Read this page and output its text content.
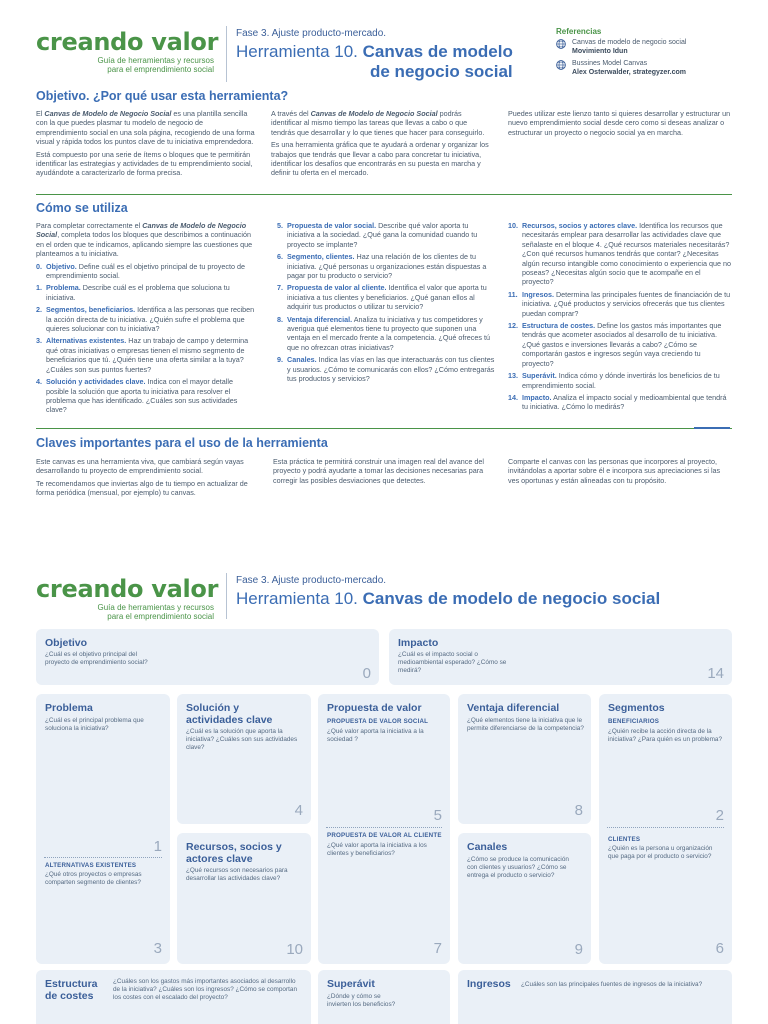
creando valor
Guía de herramientas y recursos
para el emprendimiento social
Fase 3. Ajuste producto-mercado.
Herramienta 10. Canvas de modelo
de negocio social
Referencias
Canvas de modelo de negocio social
Movimiento Idun
Bussines Model Canvas
Alex Osterwalder, strategyzer.com
Objetivo. ¿Por qué usar esta herramienta?

El Canvas de Modelo de Negocio Social es una plantilla sencilla con la que puedes plasmar tu modelo de negocio de emprendimiento social en una sola página, recogiendo de una forma visual y rápida todos los puntos clave de tu iniciativa emprendedora.

Está compuesto por una serie de ítems o bloques que te permitirán identificar las estrategias y actividades de tu emprendimiento social, ayudándote a caracterizarlo de forma precisa.

A través del Canvas de Modelo de Negocio Social podrás identificar al mismo tiempo las tareas que llevas a cabo o que tendrás que desarrollar y lo que tienes que hacer para conseguirlo.

Es una herramienta gráfica que te ayudará a ordenar y organizar los trabajos que tendrás que llevar a cabo para concretar tu iniciativa, identificar los desafíos que encontrarás en su puesta en marcha y definir tu oferta en el mercado.

Puedes utilizar este lienzo tanto si quieres desarrollar y estructurar un nuevo emprendimiento social desde cero como si deseas analizar o estructurar un proyecto o negocio social ya en marcha.

Cómo se utiliza

Para completar correctamente el Canvas de Modelo de Negocio Social, completa todos los bloques que describimos a continuación en el orden que te indicamos, aplicando siempre las cuestiones que planteamos a tu iniciativa.

0. Objetivo. Define cuál es el objetivo principal de tu proyecto de emprendimiento social.
1. Problema. Describe cuál es el problema que soluciona tu iniciativa.
2. Segmentos, beneficiarios. Identifica a las personas que reciben la acción directa de tu iniciativa. ¿Quién sufre el problema que quieres solucionar con tu iniciativa?
3. Alternativas existentes. Haz un trabajo de campo y determina qué otras iniciativas o empresas tienen el mismo segmento de beneficiarios que tú. ¿Quién tiene una oferta similar a la tuya? ¿Cuáles son sus puntos fuertes?
4. Solución y actividades clave. Indica con el mayor detalle posible la solución que aporta tu iniciativa para resolver el problema que has identificado. ¿Cuáles son sus actividades clave?
5. Propuesta de valor social. Describe qué valor aporta tu iniciativa a la sociedad. ¿Qué gana la comunidad cuando tu proyecto se implante?
6. Segmento, clientes. Haz una relación de los clientes de tu iniciativa. ¿Qué personas u organizaciones están dispuestas a pagar por tu producto o servicio?
7. Propuesta de valor al cliente. Identifica el valor que aporta tu iniciativa a tus clientes y beneficiarios. ¿Qué ganan ellos al adquirir tus productos o utilizar tu servicio?
8. Ventaja diferencial. Analiza tu iniciativa y tus competidores y averigua qué elementos tiene tu proyecto que suponen una ventaja en el mercado frente a la competencia. ¿Qué ofreces tú que no ofrezcan otras iniciativas?
9. Canales. Indica las vías en las que interactuarás con tus clientes y usuarios. ¿Cómo te comunicarás con ellos? ¿Cómo entregarás tus productos y servicios?
10. Recursos, socios y actores clave. Identifica los recursos que necesitarás emplear para desarrollar las actividades clave que señalaste en el bloque 4. ¿Qué recursos materiales necesitarás? ¿Con qué recursos humanos tendrás que contar? ¿Necesitas algún recurso intangible como conocimiento o experiencia que no poseas? ¿Necesitas algún socio que te acompañe en el proyecto?
11. Ingresos. Determina las principales fuentes de financiación de tu iniciativa. ¿Qué productos y servicios ofrecerás que tus clientes puedan comprar?
12. Estructura de costes. Define los gastos más importantes que tendrás que acometer asociados al desarrollo de tu iniciativa. ¿Qué gastos e inversiones llevarás a cabo? ¿Cómo se comportarán gastos e ingresos según vaya creciendo tu proyecto?
13. Superávit. Indica cómo y dónde invertirás los beneficios de tu emprendimiento social.
14. Impacto. Analiza el impacto social y medioambiental que tendrá tu iniciativa. ¿Cómo lo medirás?
Claves importantes para el uso de la herramienta

Este canvas es una herramienta viva, que cambiará según vayas desarrollando tu proyecto de emprendimiento social.

Te recomendamos que inviertas algo de tu tiempo en actualizar de forma periódica (mensual, por ejemplo) tu canvas.

Esta práctica te permitirá construir una imagen real del avance del proyecto y podrá ayudarte a tomar las decisiones necesarias para corregir las posibles desviaciones que detectes.

Comparte el canvas con las personas que incorpores al proyecto, invitándolas a aportar sobre él e incorpora sus apreciaciones si las ves oportunas y están alineadas con tu propósito.

creando valor
Guía de herramientas y recursos
para el emprendimiento social
Fase 3. Ajuste producto-mercado.
Herramienta 10. Canvas de modelo de negocio social
Objetivo
¿Cuál es el objetivo principal del proyecto de emprendimiento social?
0
Impacto
¿Cuál es el impacto social o medioambiental esperado? ¿Cómo se medirá?	14
Problema
¿Cuál es el principal problema que soluciona la iniciativa?
1
ALTERNATIVAS EXISTENTES
¿Qué otros proyectos o empresas comparten segmento de clientes?
3
Solución y actividades clave
¿Cuál es la solución que aporta la iniciativa? ¿Cuáles son sus actividades clave?
4
Recursos, socios y actores clave
¿Qué recursos son necesarios para desarrollar las actividades clave?
10
Propuesta de valor
PROPUESTA DE VALOR SOCIAL
¿Qué valor aporta la iniciativa a la sociedad ?
5
PROPUESTA DE VALOR AL CLIENTE
¿Qué valor aporta la iniciativa a los clientes y beneficiarios?
7
Ventaja diferencial
¿Qué elementos tiene la iniciativa que le permite diferenciarse de la competencia?
8
Canales
¿Cómo se produce la comunicación con clientes y usuarios? ¿Cómo se entrega el producto o servicio?
9
Segmentos
BENEFICIARIOS
¿Quién recibe la acción directa de la iniciativa? ¿Para quién es un problema?
2
CLIENTES
¿Quién es la persona u organización que paga por el producto o servicio?
6
Estructura de costes
¿Cuáles son los gastos más importantes asociados al desarrollo de la iniciativa? ¿Cuáles son los ingresos? ¿Cómo se comportan los costes con el escalado del proyecto?
Superávit
¿Dónde y cómo se invierten los beneficios?
Ingresos ¿Cuáles son las principales fuentes de ingresos de la iniciativa?
